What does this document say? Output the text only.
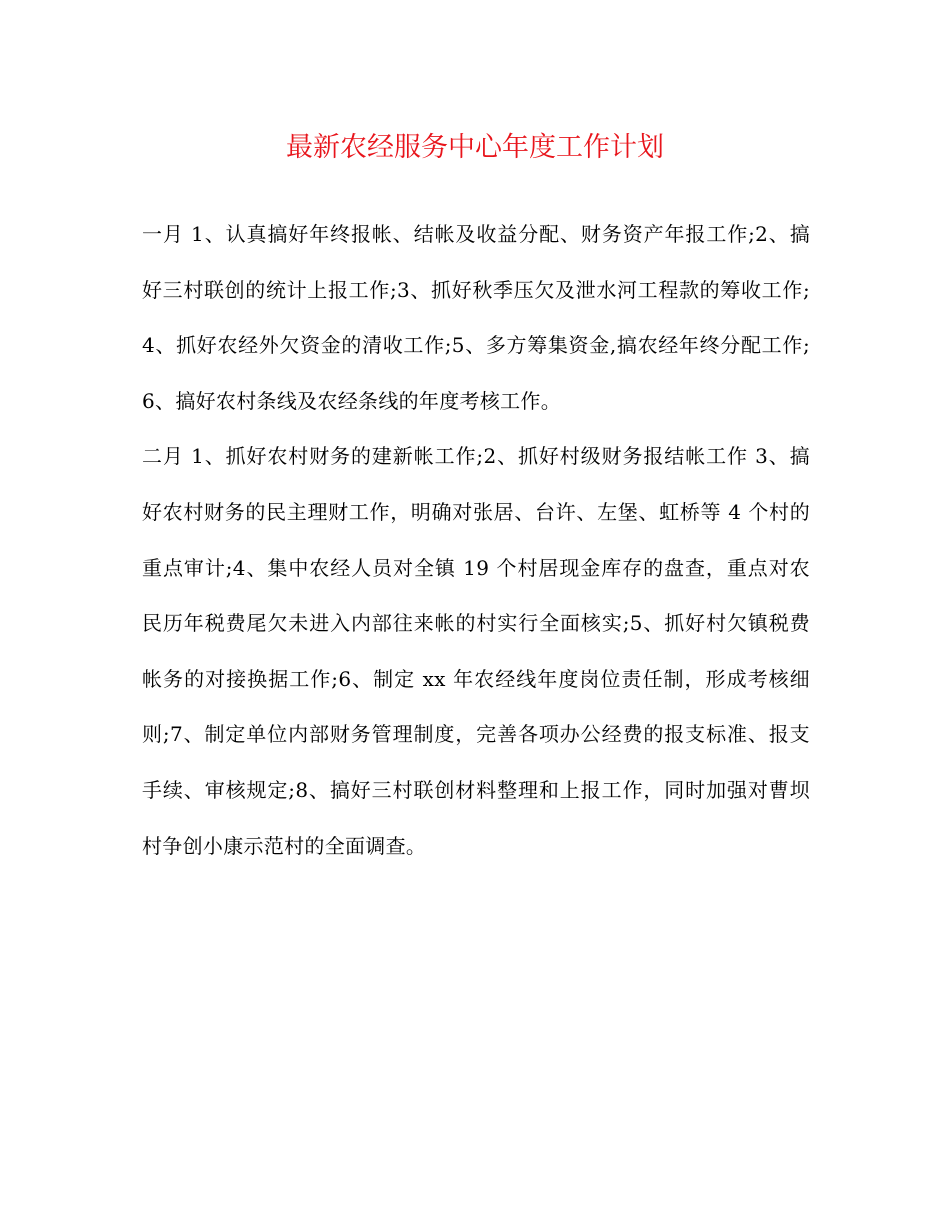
最新农经服务中心年度工作计划

一月 1、认真搞好年终报帐、结帐及收益分配、财务资产年报工作;2、搞好三村联创的统计上报工作;3、抓好秋季压欠及泄水河工程款的筹收工作;4、抓好农经外欠资金的清收工作;5、多方筹集资金,搞农经年终分配工作;6、搞好农村条线及农经条线的年度考核工作。

二月 1、抓好农村财务的建新帐工作;2、抓好村级财务报结帐工作 3、搞好农村财务的民主理财工作，明确对张居、台许、左堡、虹桥等 4 个村的重点审计;4、集中农经人员对全镇 19 个村居现金库存的盘查，重点对农民历年税费尾欠未进入内部往来帐的村实行全面核实;5、抓好村欠镇税费帐务的对接换据工作;6、制定 xx 年农经线年度岗位责任制，形成考核细则;7、制定单位内部财务管理制度，完善各项办公经费的报支标准、报支手续、审核规定;8、搞好三村联创材料整理和上报工作，同时加强对曹坝村争创小康示范村的全面调查。
